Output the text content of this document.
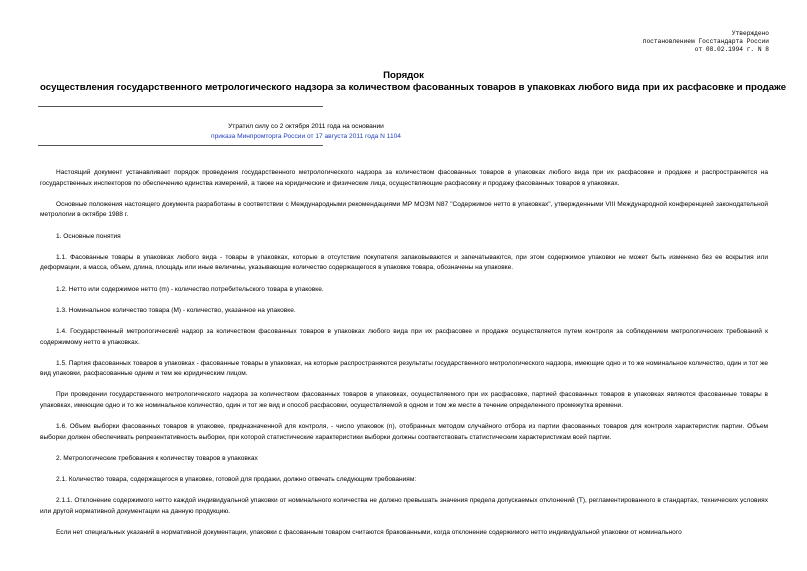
Утверждено
постановлением Госстандарта России
от 08.02.1994 г. N 8
Порядок
осуществления государственного метрологического надзора за количеством фасованных товаров в упаковках любого вида при их расфасовке и продаже
Утратил силу со 2 октября 2011 года на основании
приказа Минпромторга России от 17 августа 2011 года N 1104

Настоящий документ устанавливает порядок проведения государственного метрологического надзора за количеством фасованных товаров в упаковках любого вида при их расфасовке и продаже и распространяется на государственных инспекторов по обеспечению единства измерений, а также на юридические и физические лица, осуществляющие расфасовку и продажу фасованных товаров в упаковках.

Основные положения настоящего документа разработаны в соответствии с Международными рекомендациями МР МОЗМ N87 "Содержимое нетто в упаковках", утвержденными VIII Международной конференцией законодательной метрологии в октябре 1988 г.

1. Основные понятия

1.1. Фасованные товары в упаковках любого вида - товары в упаковках, которые в отсутствие покупателя запаковываются и запечатываются, при этом содержимое упаковки не может быть изменено без ее вскрытия или деформации, а масса, объем, длина, площадь или иные величины, указывающие количество содержащегося в упаковке товара, обозначены на упаковке.

1.2. Нетто или содержимое нетто (m) - количество потребительского товара в упаковке.

1.3. Номинальное количество товара (M) - количество, указанное на упаковке.

1.4. Государственный метрологический надзор за количеством фасованных товаров в упаковках любого вида при их расфасовке и продаже осуществляется путем контроля за соблюдением метрологических требований к содержимому нетто в упаковках.

1.5. Партия фасованных товаров в упаковках - фасованные товары в упаковках, на которые распространяются результаты государственного метрологического надзора, имеющие одно и то же номинальное количество, один и тот же вид упаковки, расфасованные одним и тем же юридическим лицом.

При проведении государственного метрологического надзора за количеством фасованных товаров в упаковках, осуществляемого при их расфасовке, партией фасованных товаров в упаковках являются фасованные товары в упаковках, имеющие одно и то же номинальное количество, один и тот же вид и способ расфасовки, осуществляемой в одном и том же месте в течение определенного промежутка времени.

1.6. Объем выборки фасованных товаров в упаковке, предназначенной для контроля, - число упаковок (n), отобранных методом случайного отбора из партии фасованных товаров для контроля характеристик партии. Объем выборки должен обеспечивать репрезентативность выборки, при которой статистические характеристики выборки должны соответствовать статистическим характеристикам всей партии.

2. Метрологические требования к количеству товаров в упаковках

2.1. Количество товара, содержащегося в упаковке, готовой для продажи, должно отвечать следующим требованиям:

2.1.1. Отклонение содержимого нетто каждой индивидуальной упаковки от номинального количества не должно превышать значения предела допускаемых отклонений (T), регламентированного в стандартах, технических условиях или другой нормативной документации на данную продукцию.

Если нет специальных указаний в нормативной документации, упаковки с фасованным товаром считаются бракованными, когда отклонение содержимого нетто индивидуальной упаковки от номинального
